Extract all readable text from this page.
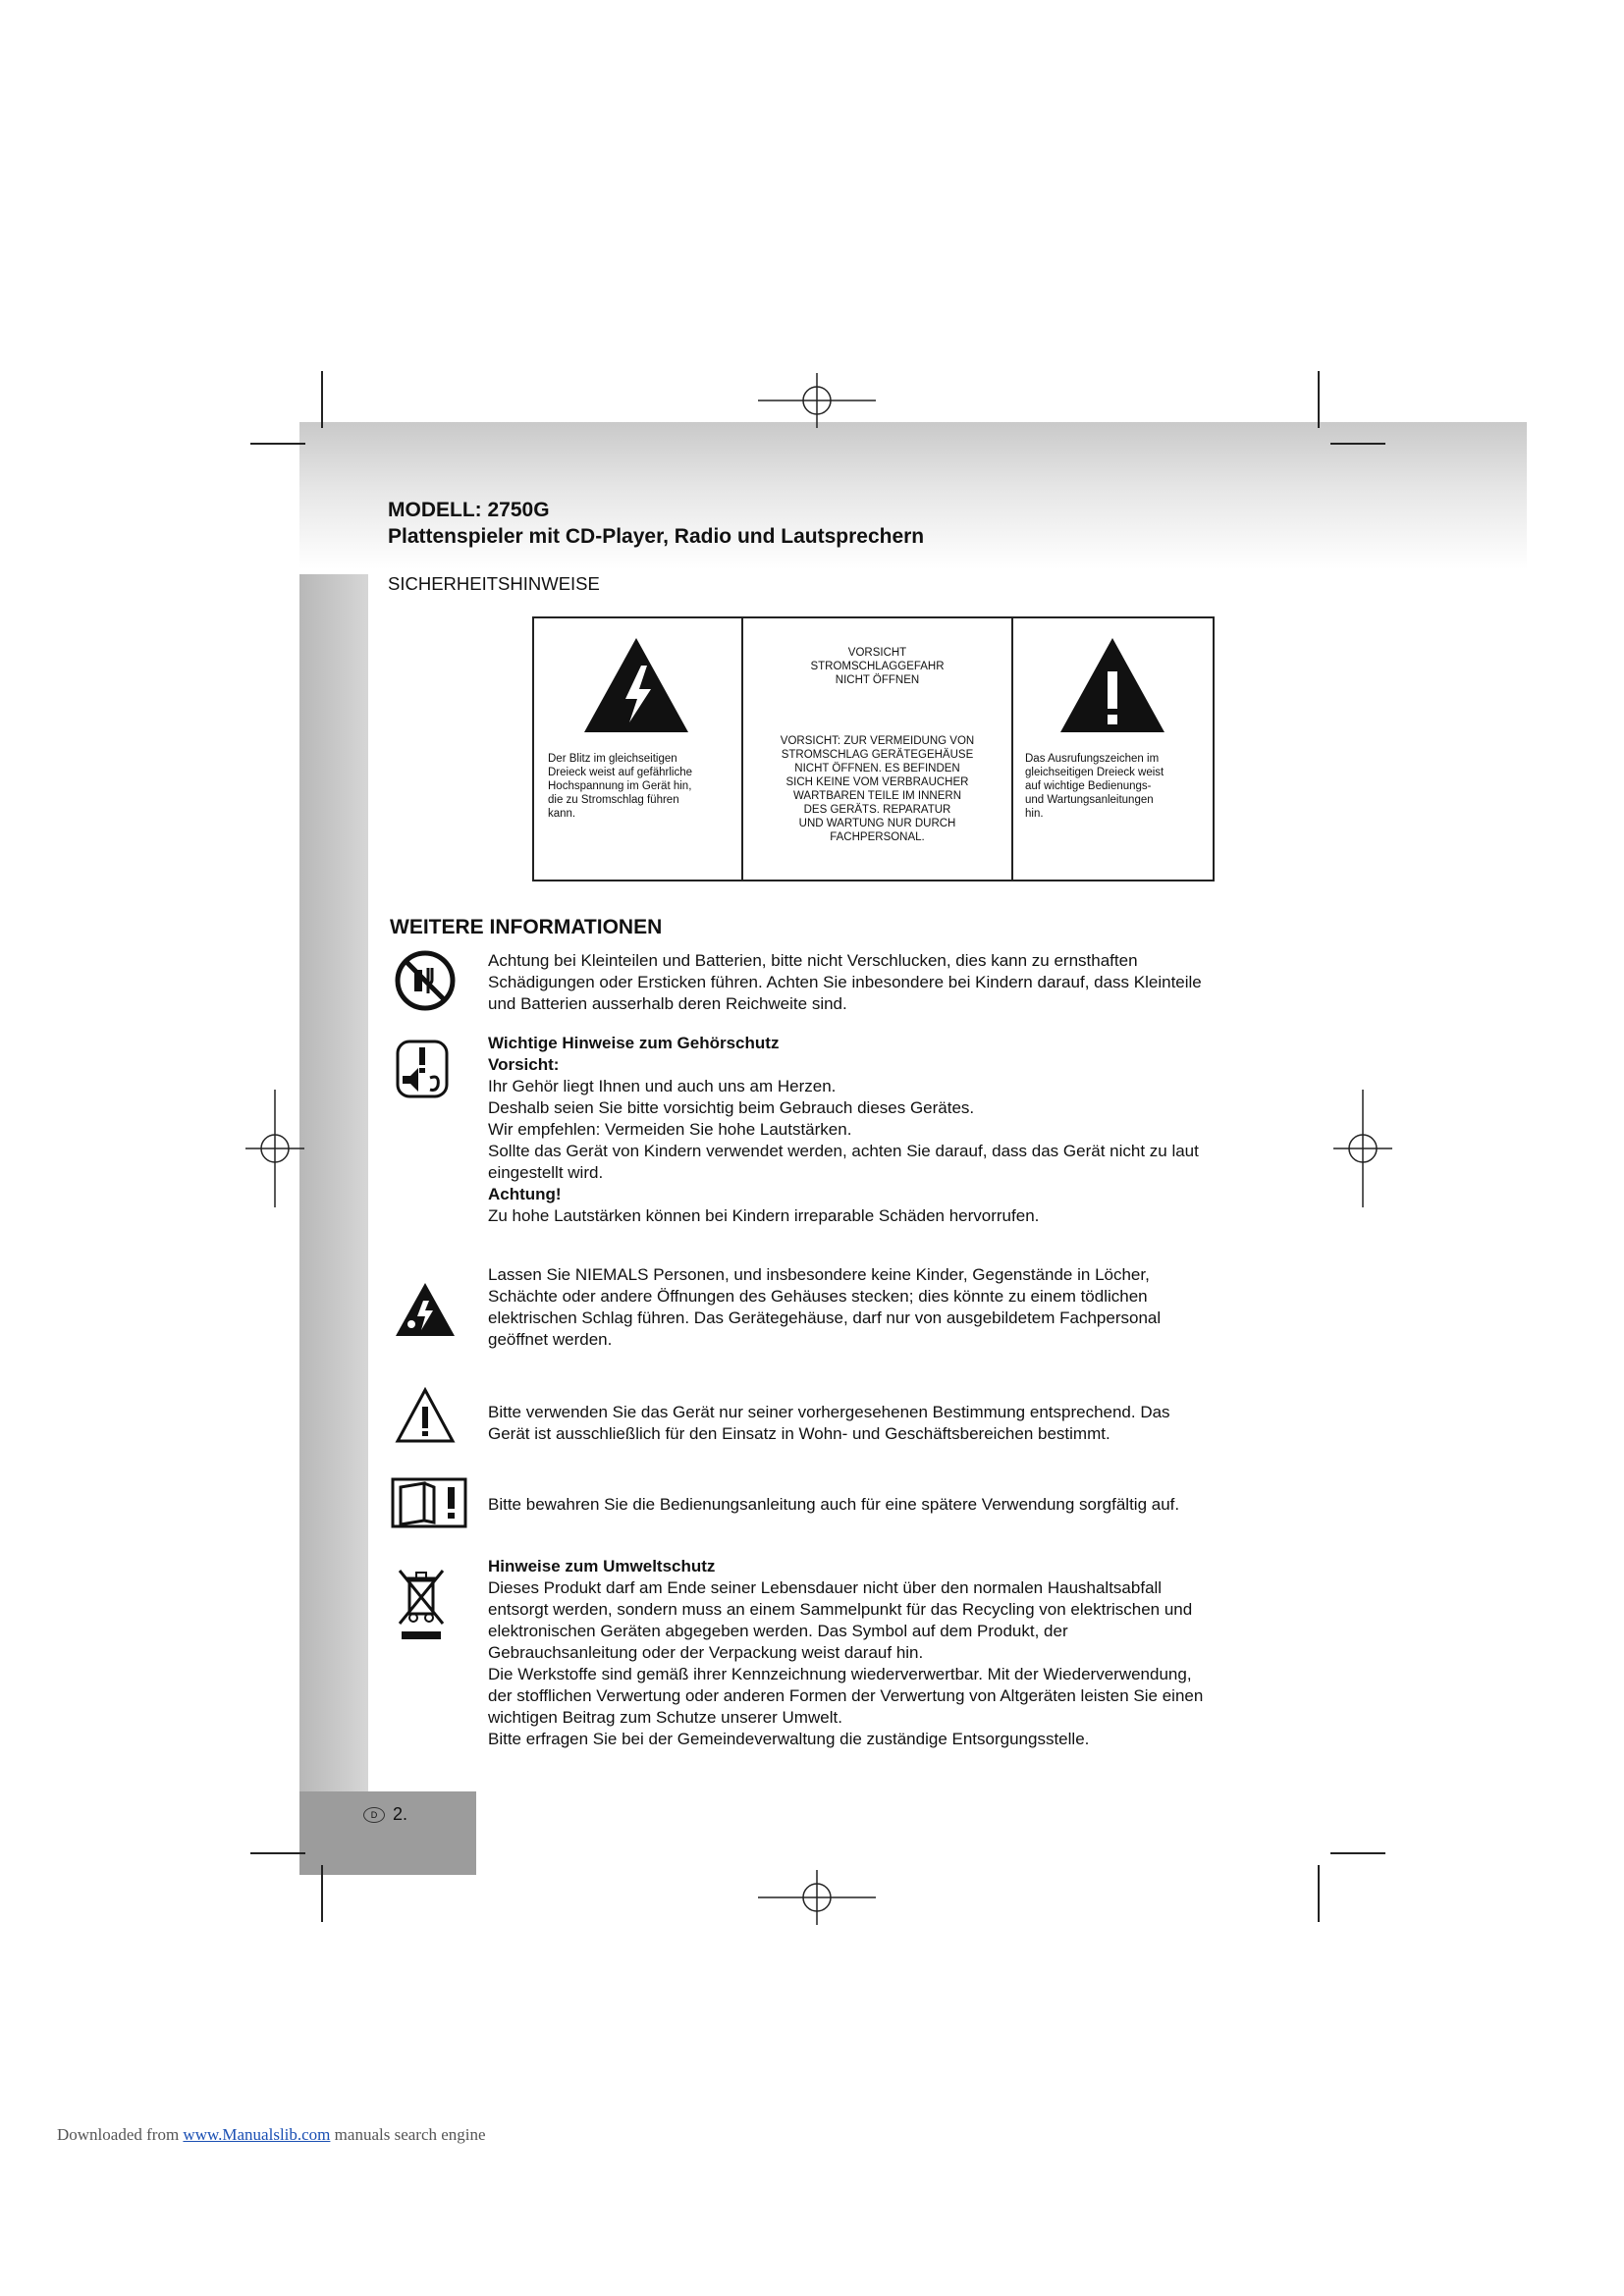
MODELL: 2750G
Plattenspieler mit CD-Player, Radio und Lautsprechern
SICHERHEITSHINWEISE
Der Blitz im gleichseitigen
Dreieck weist auf gefährliche
Hochspannung im Gerät hin,
die zu Stromschlag führen
kann.
VORSICHT
STROMSCHLAGGEFAHR
NICHT ÖFFNEN
VORSICHT: ZUR VERMEIDUNG VON
STROMSCHLAG GERÄTEGEHÄUSE
NICHT ÖFFNEN. ES BEFINDEN
SICH KEINE VOM VERBRAUCHER
WARTBAREN TEILE IM INNERN
DES GERÄTS. REPARATUR
UND WARTUNG NUR DURCH
FACHPERSONAL.
Das Ausrufungszeichen im
gleichseitigen Dreieck weist
auf wichtige Bedienungs-
und Wartungsanleitungen
hin.
WEITERE INFORMATIONEN

Achtung bei Kleinteilen und Batterien, bitte nicht Verschlucken, dies kann zu ernsthaften

Schädigungen oder Ersticken führen. Achten Sie inbesondere bei Kindern darauf, dass Kleinteile

und Batterien ausserhalb deren Reichweite sind.

Wichtige Hinweise zum Gehörschutz

Vorsicht:

Ihr Gehör liegt Ihnen und auch uns am Herzen.

Deshalb seien Sie bitte vorsichtig beim Gebrauch dieses Gerätes.

Wir empfehlen: Vermeiden Sie hohe Lautstärken.

Sollte das Gerät von Kindern verwendet werden, achten Sie darauf, dass das Gerät nicht zu laut

eingestellt wird.

Achtung!

Zu hohe Lautstärken können bei Kindern irreparable Schäden hervorrufen.

Lassen Sie NIEMALS Personen, und insbesondere keine Kinder, Gegenstände in Löcher,

Schächte oder andere Öffnungen des Gehäuses stecken; dies könnte zu einem tödlichen

elektrischen Schlag führen. Das Gerätegehäuse, darf nur von ausgebildetem Fachpersonal

geöffnet werden.

Bitte verwenden Sie das Gerät nur seiner vorhergesehenen Bestimmung entsprechend. Das

Gerät ist ausschließlich für den Einsatz in Wohn- und Geschäftsbereichen bestimmt.

Bitte bewahren Sie die Bedienungsanleitung auch für eine spätere Verwendung sorgfältig auf.

Hinweise zum Umweltschutz

Dieses Produkt darf am Ende seiner Lebensdauer nicht über den normalen Haushaltsabfall

entsorgt werden, sondern muss an einem Sammelpunkt für das Recycling von elektrischen und

elektronischen Geräten abgegeben werden. Das Symbol auf dem Produkt, der

Gebrauchsanleitung oder der Verpackung weist darauf hin.

Die Werkstoffe sind gemäß ihrer Kennzeichnung wiederverwertbar. Mit der Wiederverwendung,

der stofflichen Verwertung oder anderen Formen der Verwertung von Altgeräten leisten Sie einen

wichtigen Beitrag zum Schutze unserer Umwelt.

Bitte erfragen Sie bei der Gemeindeverwaltung die zuständige Entsorgungsstelle.

D 2.
Downloaded from www.Manualslib.com manuals search engine
